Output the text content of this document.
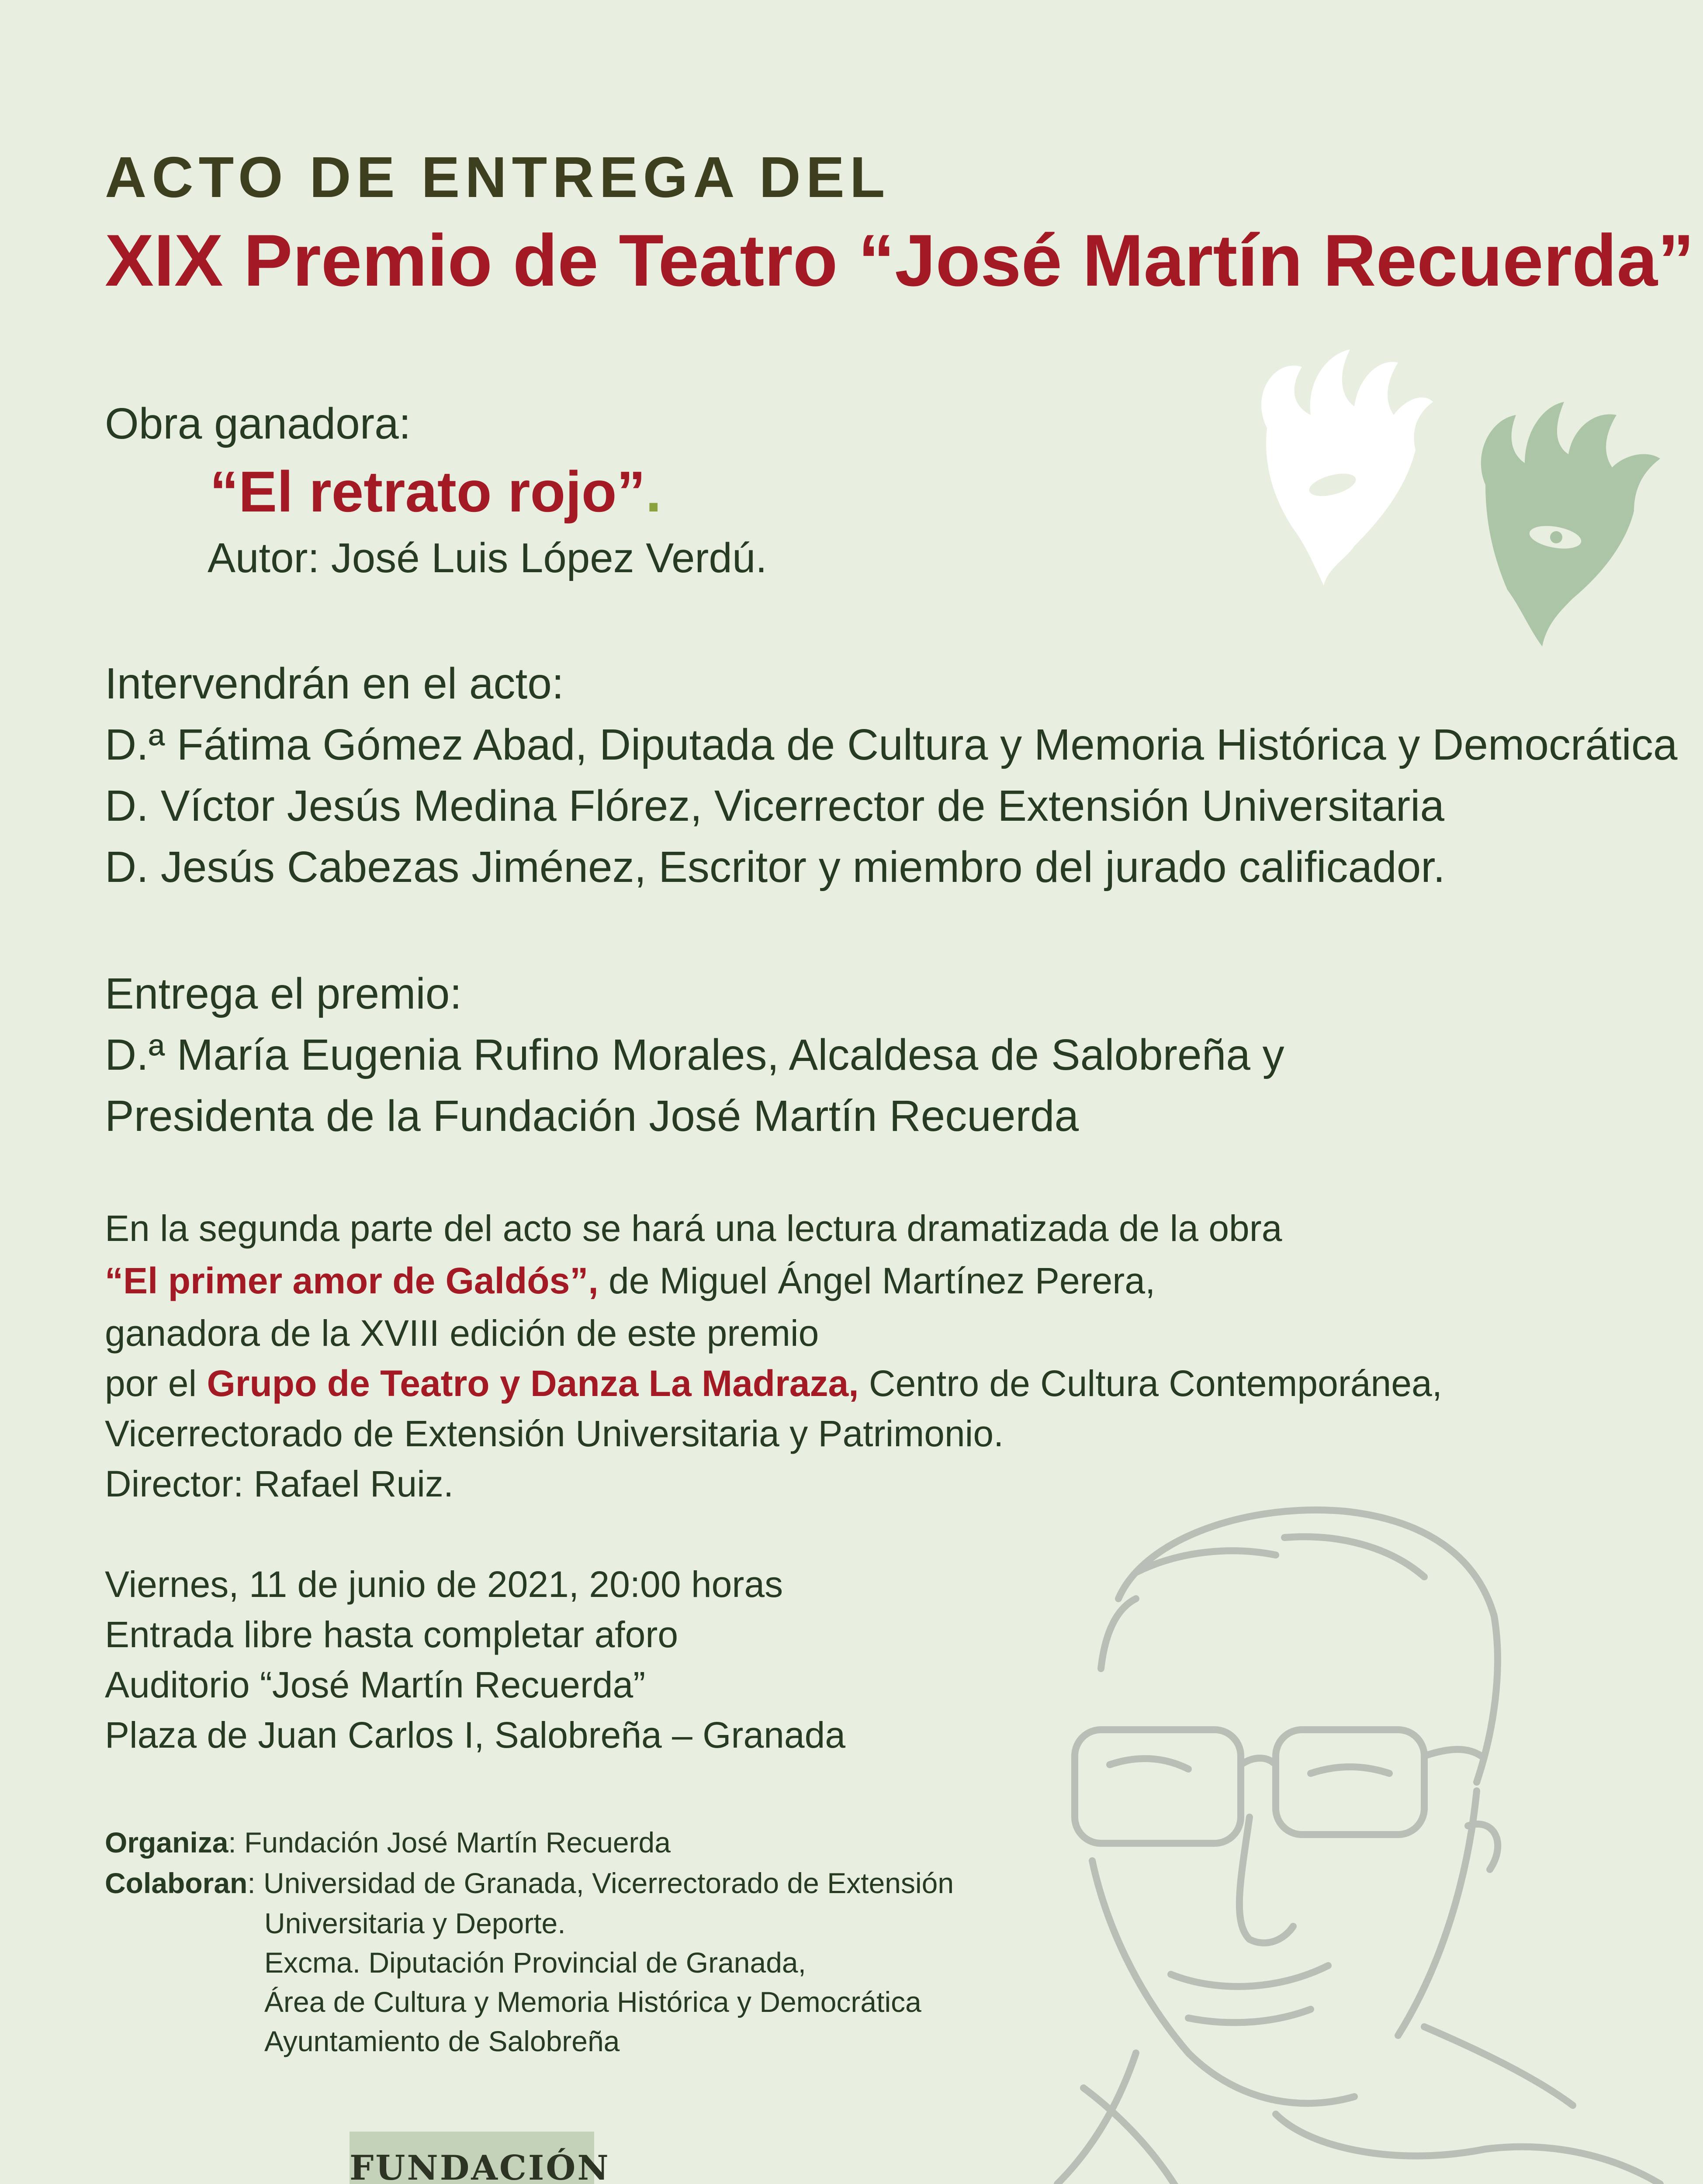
ACTO DE ENTREGA DEL
XIX Premio de Teatro “José Martín Recuerda”
Obra ganadora:
“El retrato rojo”.
Autor: José Luis López Verdú.
Intervendrán en el acto:
D.ª Fátima Gómez Abad, Diputada de Cultura y Memoria Histórica y Democrática
D. Víctor Jesús Medina Flórez, Vicerrector de Extensión Universitaria
D. Jesús Cabezas Jiménez, Escritor y miembro del jurado calificador.
Entrega el premio:
D.ª María Eugenia Rufino Morales, Alcaldesa de Salobreña y
Presidenta de la Fundación José Martín Recuerda
En la segunda parte del acto se hará una lectura dramatizada de la obra
“El primer amor de Galdós”, de Miguel Ángel Martínez Perera,
ganadora de la XVIII edición de este premio
por el Grupo de Teatro y Danza La Madraza, Centro de Cultura Contemporánea,
Vicerrectorado de Extensión Universitaria y Patrimonio.
Director: Rafael Ruiz.
Viernes, 11 de junio de 2021, 20:00 horas
Entrada libre hasta completar aforo
Auditorio “José Martín Recuerda”
Plaza de Juan Carlos I, Salobreña – Granada
Organiza: Fundación José Martín Recuerda
Colaboran: Universidad de Granada, Vicerrectorado de Extensión
Universitaria y Deporte.
Excma. Diputación Provincial de Granada,
Área de Cultura y Memoria Histórica y Democrática
Ayuntamiento de Salobreña
FUNDACIÓN
